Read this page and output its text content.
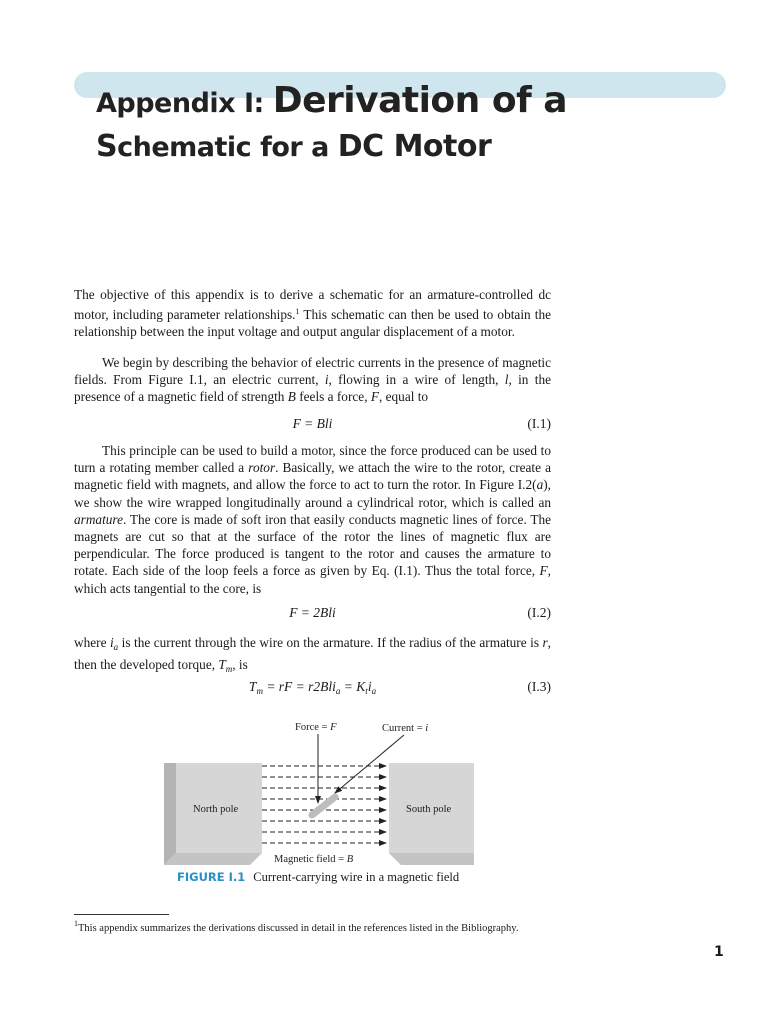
Appendix I: Derivation of a
Schematic for a DC Motor

The objective of this appendix is to derive a schematic for an armature-controlled dc motor, including parameter relationships.$^1$ This schematic can then be used to obtain the relationship between the input voltage and output angular displacement of a motor.

We begin by describing the behavior of electric currents in the presence of magnetic fields. From Figure I.1, an electric current, i, flowing in a wire of length, l, in the presence of a magnetic field of strength B feels a force, F, equal to

F = Bli	(I.1)

This principle can be used to build a motor, since the force produced can be used to turn a rotating member called a rotor. Basically, we attach the wire to the rotor, create a magnetic field with magnets, and allow the force to act to turn the rotor. In Figure I.2(a), we show the wire wrapped longitudinally around a cylindrical rotor, which is called an armature. The core is made of soft iron that easily conducts magnetic lines of force. The magnets are cut so that at the surface of the rotor the lines of magnetic flux are perpendicular. The force produced is tangent to the rotor and causes the armature to rotate. Each side of the loop feels a force as given by Eq. (I.1). Thus the total force, F, which acts tangential to the core, is

F = 2Bli	(I.2)

where $i_a$ is the current through the wire on the armature. If the radius of the armature is r, then the developed torque, $T_m$, is

$T_m$ = rF = $r2Bli_a = K_ti_a$	(I.3)
Force = F	Current = i
North pole	South pole
Magnetic field = B
FIGURE I.1 Current-carrying wire in a magnetic field
$^1$This appendix summarizes the derivations discussed in detail in the references listed in the Bibliography.
1
